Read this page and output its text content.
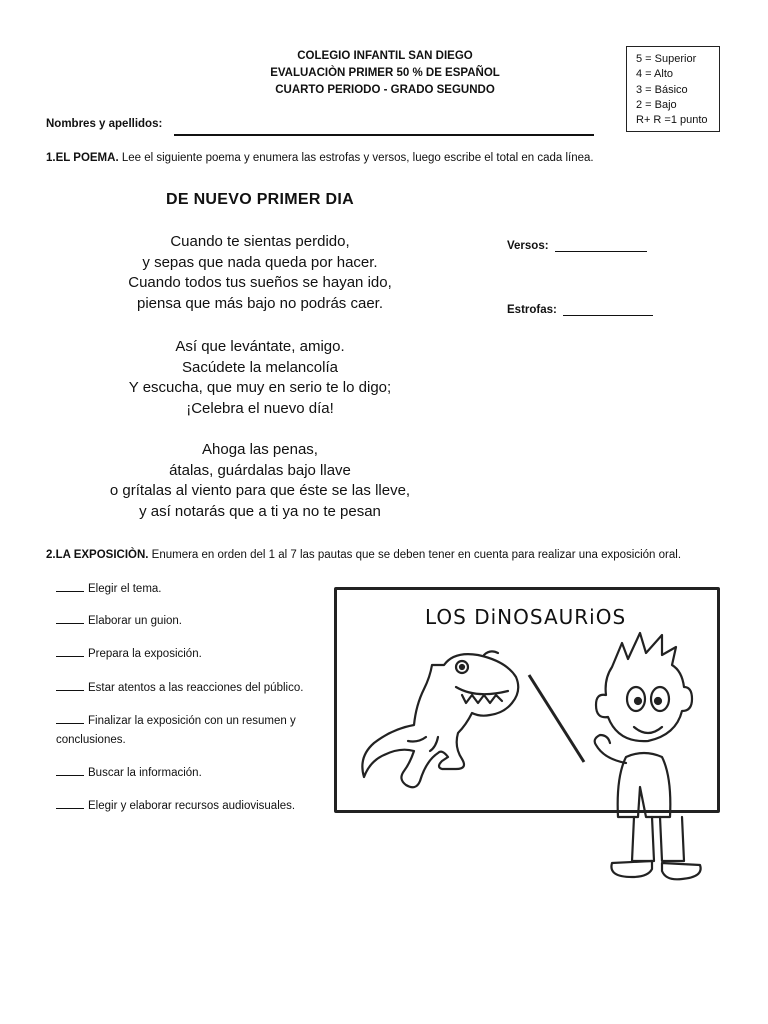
COLEGIO INFANTIL SAN DIEGO
EVALUACIÒN PRIMER 50 % DE ESPAÑOL
CUARTO PERIODO - GRADO SEGUNDO
5 = Superior
4 = Alto
3 = Básico
2 = Bajo
R+ R =1 punto
Nombres y apellidos:
1.EL POEMA. Lee el siguiente poema y enumera las estrofas y versos, luego escribe el total en cada línea.
DE NUEVO PRIMER DIA
Cuando te sientas perdido,
y sepas que nada queda por hacer.
Cuando todos tus sueños se hayan ido,
piensa que más bajo no podrás caer.
Así que levántate, amigo.
Sacúdete la melancolía
Y escucha, que muy en serio te lo digo;
¡Celebra el nuevo día!
Ahoga las penas,
átalas, guárdalas bajo llave
o grítalas al viento para que éste se las lleve,
y así notarás que a ti ya no te pesan
Versos:
Estrofas:
2.LA EXPOSICIÒN. Enumera en orden del 1 al 7 las pautas que se deben tener en cuenta para realizar una exposición oral.
Elegir el tema.
Elaborar un guion.
Prepara la exposición.
Estar atentos a las reacciones del público.
Finalizar la exposición con un resumen y conclusiones.
Buscar la información.
Elegir y elaborar recursos audiovisuales.
LOS DiNOSAURiOS
